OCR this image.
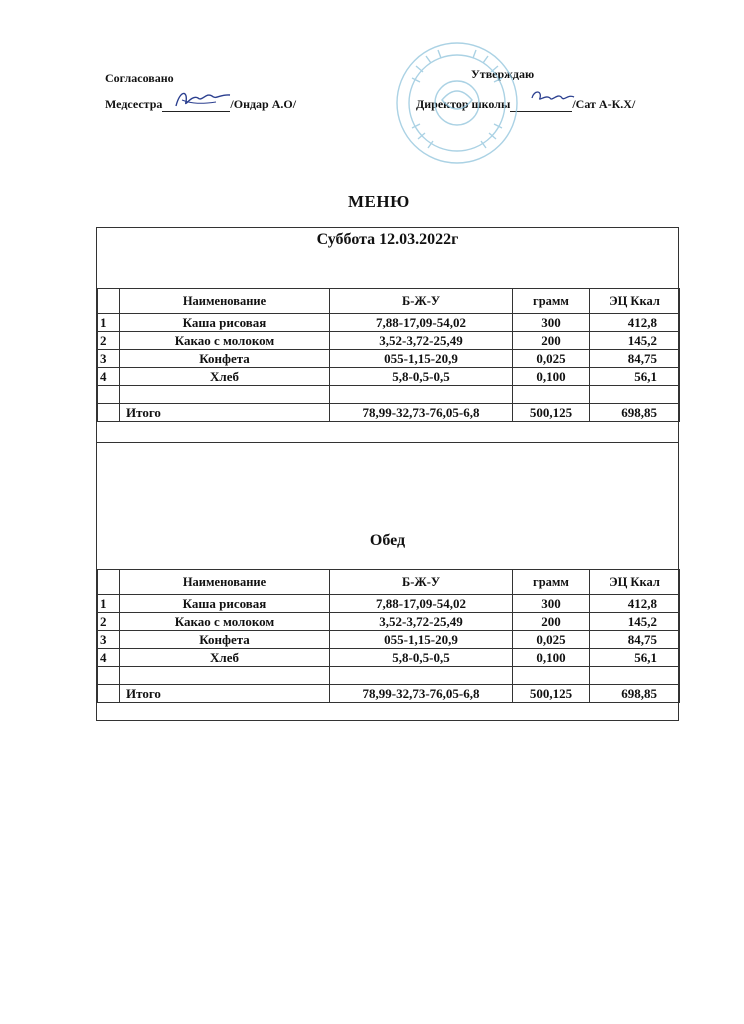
Согласовано	Утверждаю
Медсестра	/Ондар А.О/	Директор школы	/Сат А-К.Х/
МЕНЮ
Суббота 12.03.2022г
	Наименование	Б-Ж-У	грамм	ЭЦ Ккал
1	Каша рисовая	7,88-17,09-54,02	300	412,8
2	Какао с молоком	3,52-3,72-25,49	200	145,2
3	Конфета	055-1,15-20,9	0,025	84,75
4	Хлеб	5,8-0,5-0,5	0,100	56,1

	Итого	78,99-32,73-76,05-6,8	500,125	698,85
Обед
	Наименование	Б-Ж-У	грамм	ЭЦ Ккал
1	Каша рисовая	7,88-17,09-54,02	300	412,8
2	Какао с молоком	3,52-3,72-25,49	200	145,2
3	Конфета	055-1,15-20,9	0,025	84,75
4	Хлеб	5,8-0,5-0,5	0,100	56,1

	Итого	78,99-32,73-76,05-6,8	500,125	698,85
